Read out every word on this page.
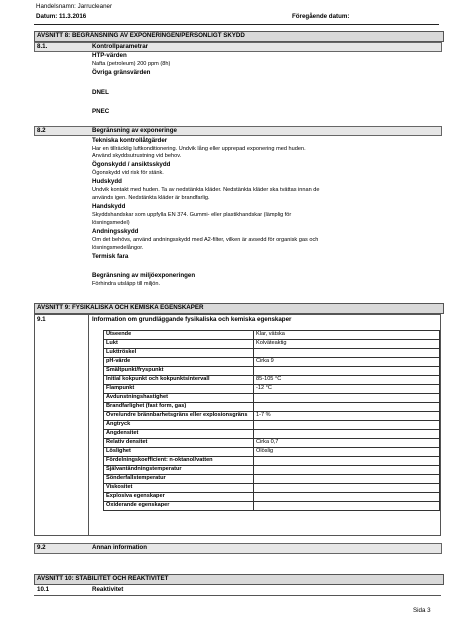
Handelsnamn: Jarrucleaner
Datum: 11.3.2016	Föregående datum:
AVSNITT 8: BEGRÄNSNING AV EXPONERINGEN/PERSONLIGT SKYDD
8.1.	Kontrollparametrar
HTP-värden
Nafta (petroleum) 200 ppm (8h)
Övriga gränsvärden
DNEL
PNEC
8.2	Begränsning av exponeringe
Tekniska kontrollåtgärder
Har en tillräcklig luftkonditionering. Undvik lång eller upprepad exponering med huden.
Använd skyddsutrustning vid behov.
Ögonskydd / ansiktsskydd
Ögonskydd vid risk för stänk.
Hudskydd
Undvik kontakt med huden. Ta av nedstänkta kläder. Nedstänkta kläder ska tvättas innan de
används igen. Nedstänkta kläder är brandfarlig.
Handskydd
Skyddshandskar som uppfylla EN 374. Gummi- eller plastikhandskar (lämplig för
lösningsmedel)
Andningsskydd
Om det behövs, använd andningsskydd med A2-filter, vilken är avsedd för organisk gas och
lösningsmedelångor.
Termisk fara
Begränsning av miljöexponeringen
Förhindra utsläpp till miljön.
AVSNITT 9: FYSIKALISKA OCH KEMISKA EGENSKAPER
9.1	Information om grundläggande fysikaliska och kemiska egenskaper
Utseende	Klar, vätska
Lukt	Kolväteaktig
Lukttröskel	
pH-värde	Cirka 9
Smältpunkt/fryspunkt	
Initial kokpunkt och kokpunktsintervall	85-105 °C
Flampunkt	-12 °C
Avdunstningshastighet	
Brandfarlighet (fast form, gas)	
Övre/undre brännbarhetsgräns eller explosionsgräns	1-7 %
Ångtryck	
Ångdensitet	
Relativ densitet	Cirka 0,7
Löslighet	Olöslig
Fördelningskoefficient: n-oktanol/vatten	
Självantändningstemperatur	
Sönderfallstemperatur	
Viskositet	
Explosiva egenskaper	
Oxiderande egenskaper	
9.2	Annan information
AVSNITT 10: STABILITET OCH REAKTIVITET
10.1	Reaktivitet
Sida 3
